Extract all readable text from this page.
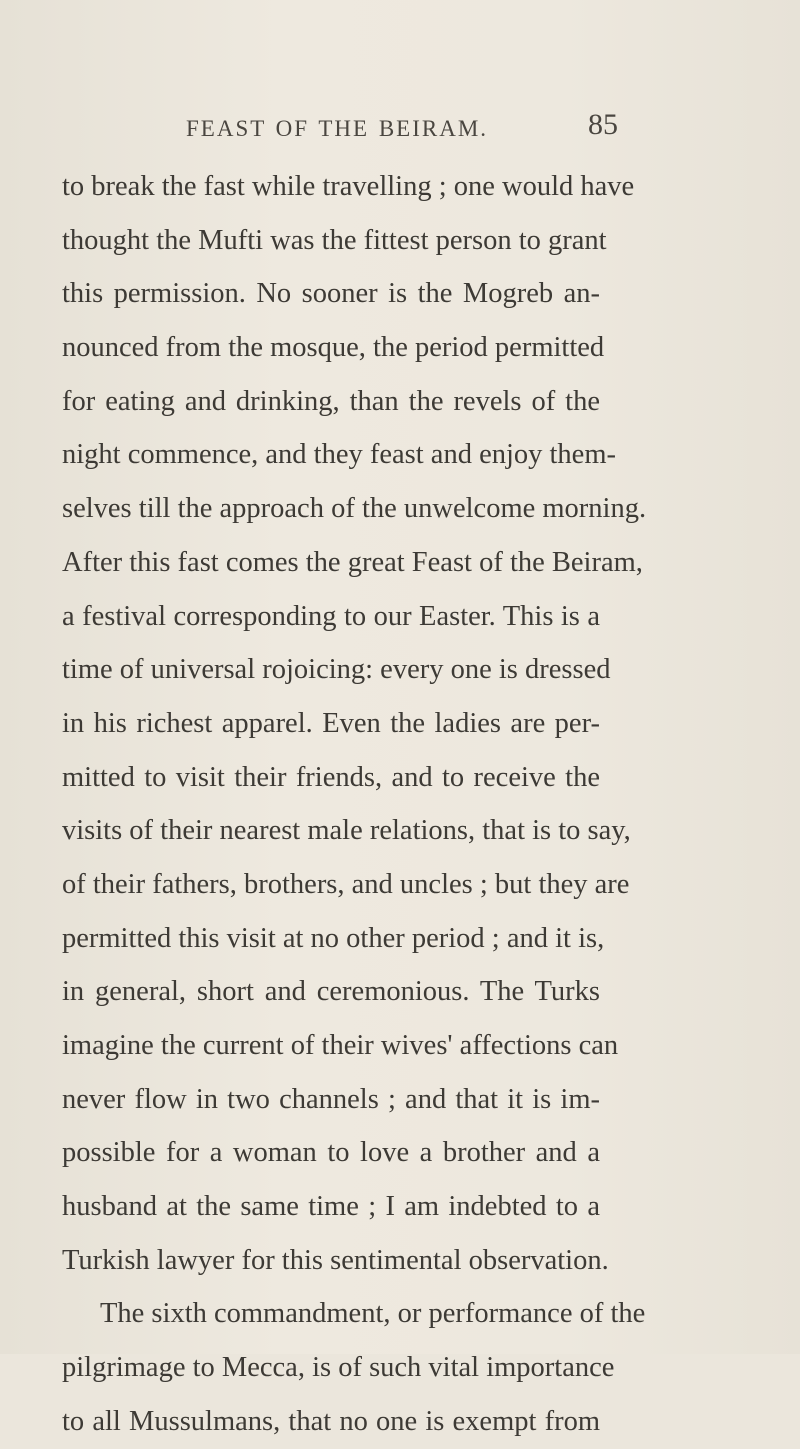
FEAST OF THE BEIRAM.	85
to break the fast while travelling ; one would have
thought the Mufti was the fittest person to grant
this permission. No sooner is the Mogreb an-
nounced from the mosque, the period permitted
for eating and drinking, than the revels of the
night commence, and they feast and enjoy them-
selves till the approach of the unwelcome morning.
After this fast comes the great Feast of the Beiram,
a festival corresponding to our Easter. This is a
time of universal rojoicing: every one is dressed
in his richest apparel. Even the ladies are per-
mitted to visit their friends, and to receive the
visits of their nearest male relations, that is to say,
of their fathers, brothers, and uncles ; but they are
permitted this visit at no other period ; and it is,
in general, short and ceremonious. The Turks
imagine the current of their wives' affections can
never flow in two channels ; and that it is im-
possible for a woman to love a brother and a
husband at the same time ; I am indebted to a
Turkish lawyer for this sentimental observation.
The sixth commandment, or performance of the
pilgrimage to Mecca, is of such vital importance
to all Mussulmans, that no one is exempt from
